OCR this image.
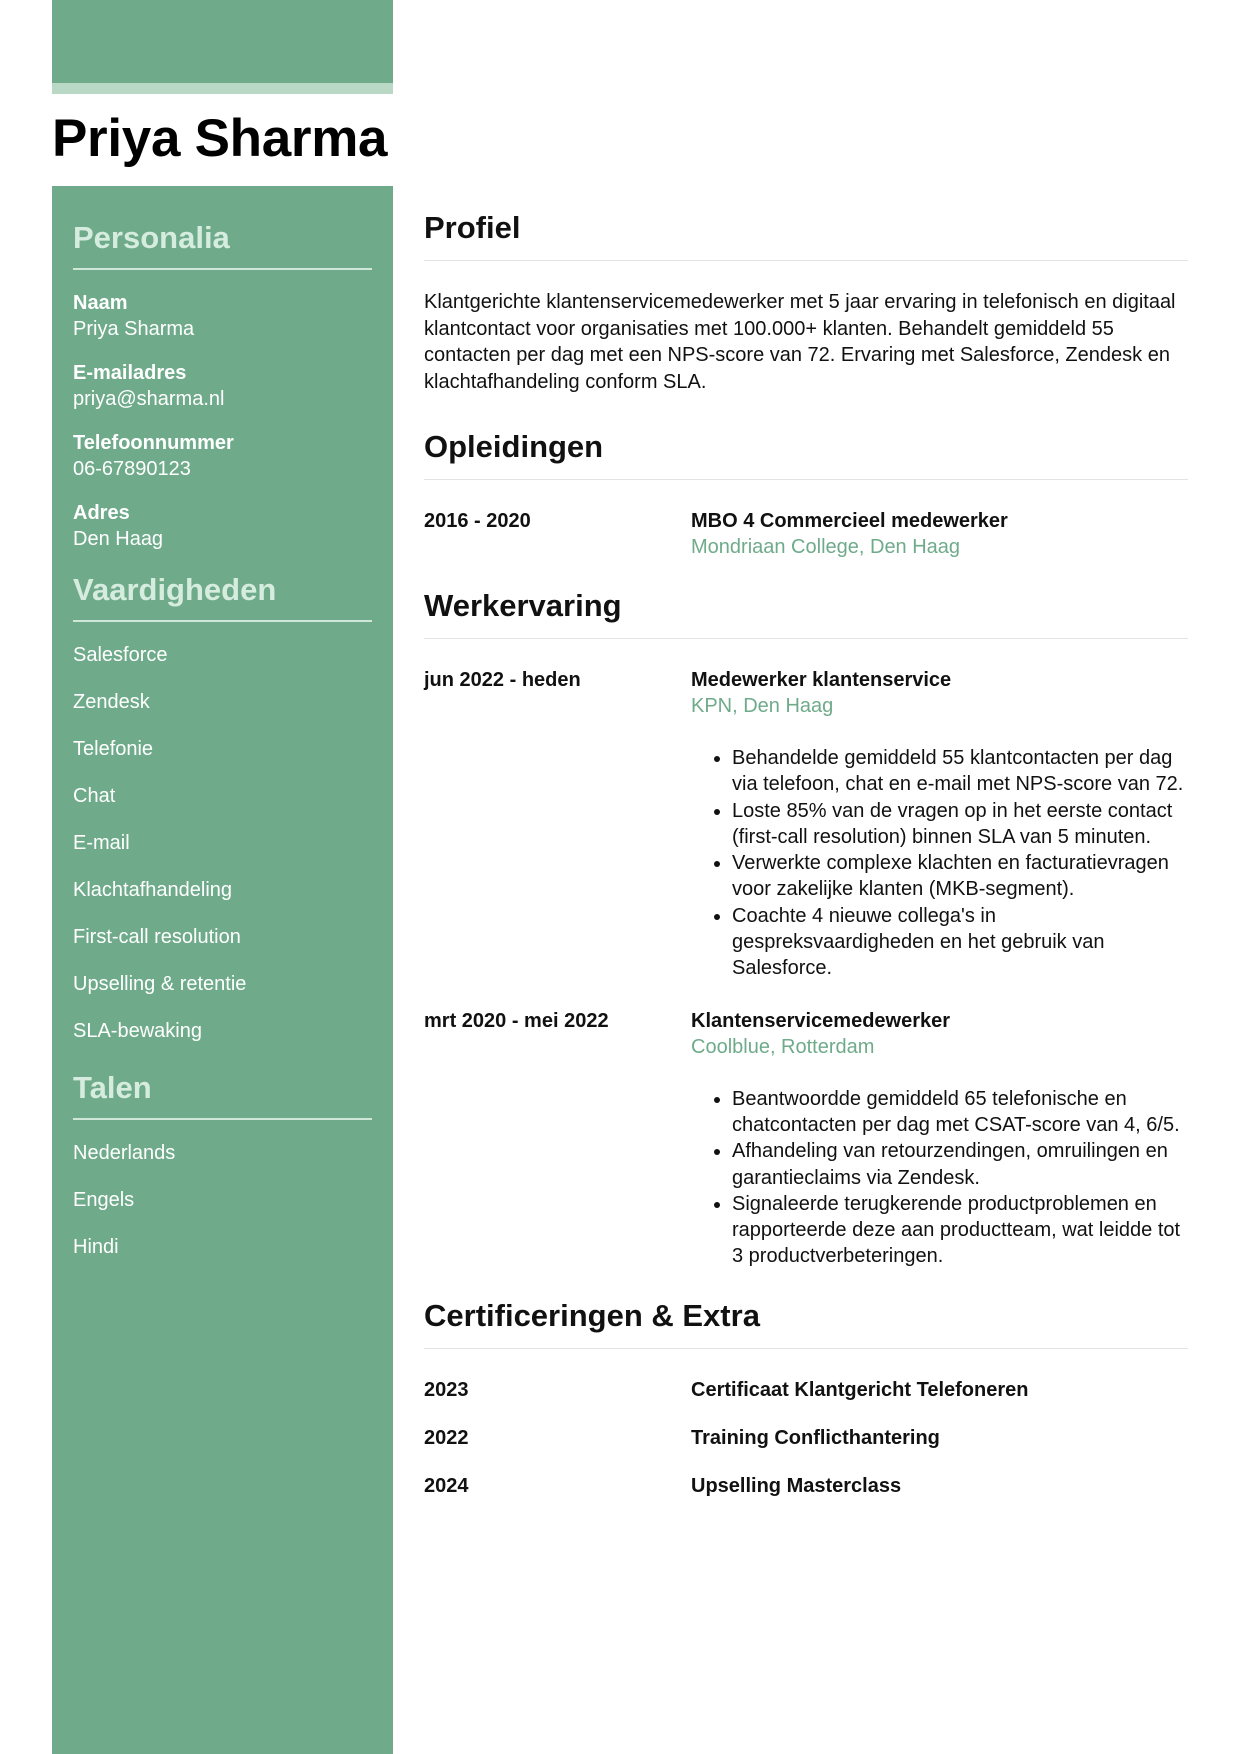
Priya Sharma
Personalia
Naam
Priya Sharma
E-mailadres
priya@sharma.nl
Telefoonnummer
06-67890123
Adres
Den Haag
Vaardigheden
Salesforce
Zendesk
Telefonie
Chat
E-mail
Klachtafhandeling
First-call resolution
Upselling & retentie
SLA-bewaking
Talen
Nederlands
Engels
Hindi
Profiel

Klantgerichte klantenservicemedewerker met 5 jaar ervaring in telefonisch en digitaal klantcontact voor organisaties met 100.000+ klanten. Behandelt gemiddeld 55 contacten per dag met een NPS-score van 72. Ervaring met Salesforce, Zendesk en klachtafhandeling conform SLA.

Opleidingen
2016 - 2020	MBO 4 Commercieel medewerker
Mondriaan College, Den Haag
Werkervaring
jun 2022 - heden	Medewerker klantenservice
KPN, Den Haag
• Behandelde gemiddeld 55 klantcontacten per dag via telefoon, chat en e-mail met NPS-score van 72.
• Loste 85% van de vragen op in het eerste contact (first-call resolution) binnen SLA van 5 minuten.
• Verwerkte complexe klachten en facturatievragen voor zakelijke klanten (MKB-segment).
• Coachte 4 nieuwe collega's in gespreksvaardigheden en het gebruik van Salesforce.
mrt 2020 - mei 2022	Klantenservicemedewerker
Coolblue, Rotterdam
• Beantwoordde gemiddeld 65 telefonische en chatcontacten per dag met CSAT-score van 4, 6/5.
• Afhandeling van retourzendingen, omruilingen en garantieclaims via Zendesk.
• Signaleerde terugkerende productproblemen en rapporteerde deze aan productteam, wat leidde tot 3 productverbeteringen.
Certificeringen & Extra
2023	Certificaat Klantgericht Telefoneren
2022	Training Conflicthantering
2024	Upselling Masterclass
